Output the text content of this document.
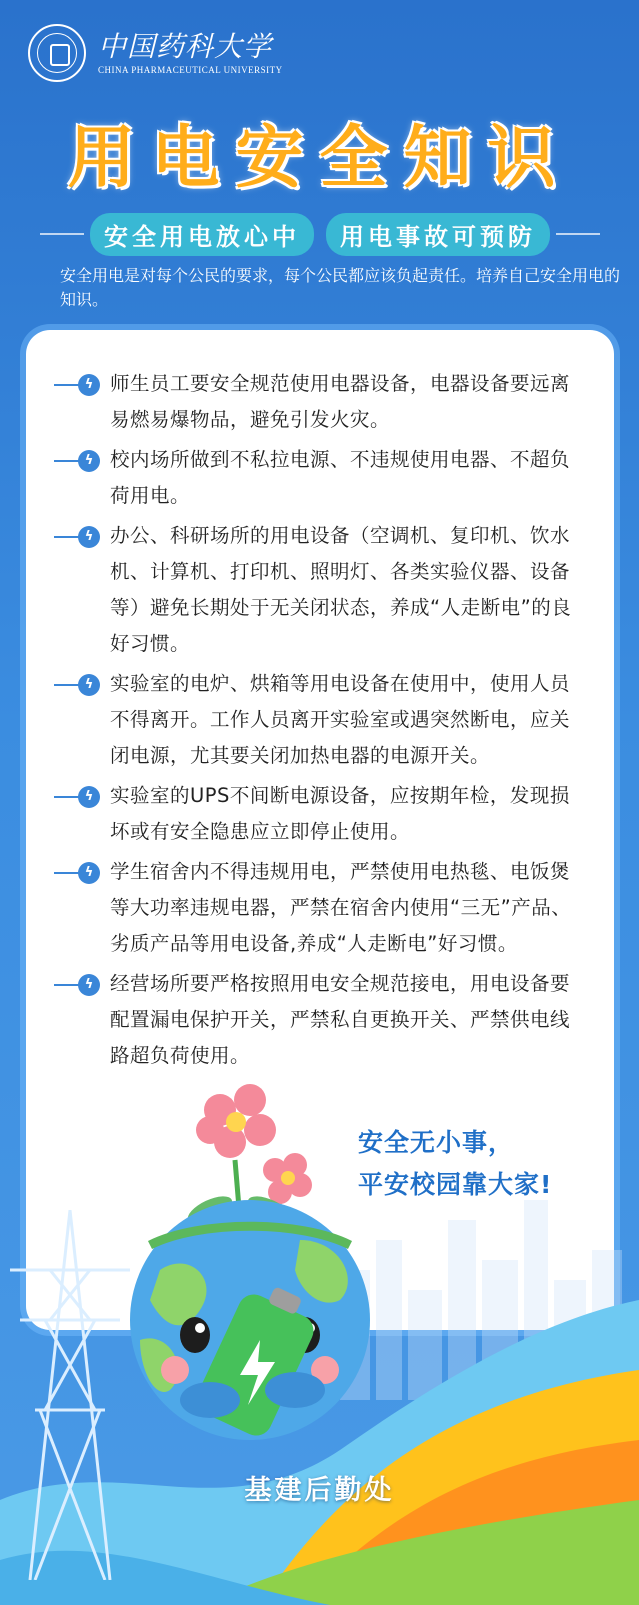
中国药科大学
CHINA PHARMACEUTICAL UNIVERSITY
用电安全知识
安全用电放心中	用电事故可预防
安全用电是对每个公民的要求，每个公民都应该负起责任。培养自己安全用电的知识。
ϟ 师生员工要安全规范使用电器设备，电器设备要远离易燃易爆物品，避免引发火灾。
ϟ 校内场所做到不私拉电源、不违规使用电器、不超负荷用电。
ϟ 办公、科研场所的用电设备（空调机、复印机、饮水机、计算机、打印机、照明灯、各类实验仪器、设备等）避免长期处于无关闭状态，养成“人走断电”的良好习惯。
ϟ 实验室的电炉、烘箱等用电设备在使用中，使用人员不得离开。工作人员离开实验室或遇突然断电，应关闭电源，尤其要关闭加热电器的电源开关。
ϟ 实验室的UPS不间断电源设备，应按期年检，发现损坏或有安全隐患应立即停止使用。
ϟ 学生宿舍内不得违规用电，严禁使用电热毯、电饭煲等大功率违规电器，严禁在宿舍内使用“三无”产品、劣质产品等用电设备,养成“人走断电”好习惯。
ϟ 经营场所要严格按照用电安全规范接电，用电设备要配置漏电保护开关，严禁私自更换开关、严禁供电线路超负荷使用。
安全无小事，
平安校园靠大家!
基建后勤处
